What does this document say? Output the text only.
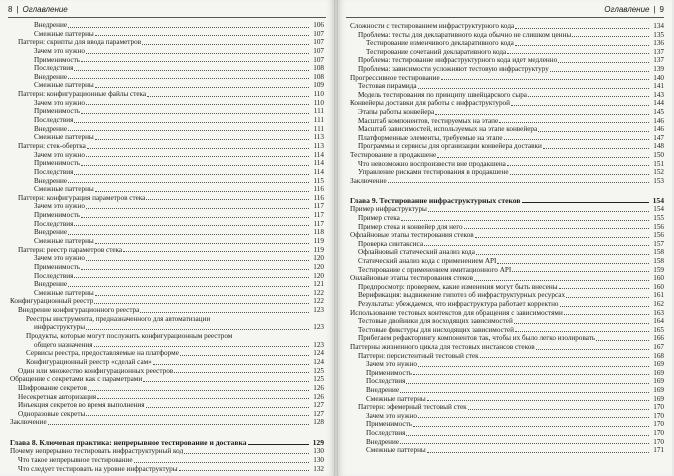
8 | Оглавление
Внедрение	106
Смежные паттерны	107
Паттерн: скрипты для ввода параметров	107
Зачем это нужно	107
Применимость	107
Последствия	108
Внедрение	108
Смежные паттерны	109
Паттерн: конфигурационные файлы стека	110
Зачем это нужно	110
Применимость	111
Последствия	111
Внедрение	111
Смежные паттерны	113
Паттерн: стек-обертка	113
Зачем это нужно	114
Применимость	114
Последствия	114
Внедрение	115
Смежные паттерны	116
Паттерн: конфигурация параметров стека	116
Зачем это нужно	117
Применимость	117
Последствия	117
Внедрение	118
Смежные паттерны	119
Паттерн: реестр параметров стека	119
Зачем это нужно	120
Применимость	120
Последствия	120
Внедрение	121
Смежные паттерны	122
Конфигурационный реестр	122
Внедрение конфигурационного реестра	123
Реестры инструмента, предназначенного для автоматизации
инфраструктуры	123
Продукты, которые могут послужить конфигурационным реестром
общего назначения	123
Сервисы реестра, предоставляемые на платформе	124
Конфигурационный реестр «сделай сам»	124
Один или множество конфигурационных реестров	125
Обращение с секретами как с параметрами	125
Шифрование секретов	126
Несекретная авторизация	126
Инъекция секретов во время выполнения	127
Одноразовые секреты	127
Заключение	128
Глава 8. Ключевая практика: непрерывное тестирование и доставка	129
Почему непрерывно тестировать инфраструктурный код	130
Что такое непрерывное тестирование	130
Что следует тестировать на уровне инфраструктуры	132
Оглавление | 9
Сложности с тестированием инфраструктурного кода	134
Проблема: тесты для декларативного кода обычно не слишком ценны	135
Тестирование изменчивого декларативного кода	136
Тестирование сочетаний декларативного кода	137
Проблема: тестирование инфраструктурного кода идет медленно	137
Проблема: зависимости усложняют тестовую инфраструктуру	139
Прогрессивное тестирование	140
Тестовая пирамида	141
Модель тестирования по принципу швейцарского сыра	143
Конвейеры доставки для работы с инфраструктурой	144
Этапы работы конвейера	145
Масштаб компонентов, тестируемых на этапе	146
Масштаб зависимостей, используемых на этапе конвейера	146
Платформенные элементы, требуемые на этапе	147
Программы и сервисы для организации конвейера доставки	148
Тестирование в продакшене	150
Что невозможно воспроизвести вне продакшена	151
Управление рисками тестирования в продакшене	152
Заключение	153
Глава 9. Тестирование инфраструктурных стеков	154
Пример инфраструктуры	154
Пример стека	155
Пример стека и конвейер для него	156
Офлайновые этапы тестирования стеков	156
Проверка синтаксиса	157
Офлайновый статический анализ кода	158
Статический анализ кода с применением API	158
Тестирование с применением имитационного API	159
Онлайновые этапы тестирования стеков	160
Предпросмотр: проверяем, какие изменения могут быть внесены	160
Верификация: выдвижение гипотез об инфраструктурных ресурсах	161
Результаты: убеждаемся, что инфраструктура работает корректно	162
Использование тестовых контекстов для обращения с зависимостями	163
Тестовые двойники для восходящих зависимостей	164
Тестовые фикстуры для нисходящих зависимостей	165
Прибегаем рефакторингу компонентов так, чтобы их было легко изолировать	166
Паттерны жизненного цикла для тестовых инстансов стеков	167
Паттерн: персистентный тестовый стек	168
Зачем это нужно	169
Применимость	169
Последствия	169
Внедрение	169
Смежные паттерны	169
Паттерн: эфемерный тестовый стек	170
Зачем это нужно	170
Применимость	170
Последствия	170
Внедрение	170
Смежные паттерны	171
